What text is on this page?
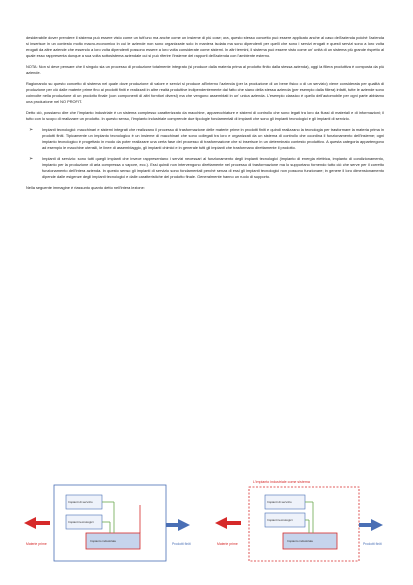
desiderabile dover prendere il sistema può essere visto come un tutt'uno ma anche come un insieme di più cose; ora, questo stesso concetto può essere applicato anche al caso dell'azienda poiché l'azienda si inserisce in un contesto molto macro-economico in cui le aziende non sono organizzate solo in maniera isolata ma sono dipendenti per quelli che sono i servizi erogati e questi servizi sono a loro volta erogati da altre aziende che essendo a loro volta dipendenti possono essere a loro volta considerate come sistemi. In altri termini, il sistema può essere visto come un' unità di un sistema più grande rispetto al quale esso rappresenta dunque a sua volta sottosistema aziendale cui si può riferire l'insieme dei rapporti dell'azienda con l'ambiente esterno.

NOTA: Non si deve pensare che il singolo sia un processo di produzione totalmente integrato (si produce dalla materia prima al prodotto finito dalla stessa azienda), oggi la filiera produttiva è composta da più aziende.

Ragionando su questo concetto di sistema nel quale dove produzione di valore e servizi si produce all'interno l'azienda (per la produzione di un bene fisico o di un servizio) viene considerata per qualità di produzione per ciò dalle materie prime fino ai prodotti finiti e realizzati in altre realtà produttive indipendentemente dal fatto che siano della stessa azienda (per esempio dalla filiera) infatti, tutte le aziende sono coinvolte nella produzione di un prodotto finale (con componenti di altri fornitori diversi) ma che vengono assemblati in un' unica azienda. L'esempio classico è quello dell'automobile per ogni parte abbiamo una produzione nel NO PROFIT.

Detto ciò, possiamo dire che l'impianto industriale è un sistema complesso caratterizzato da macchine, apparecchiature e sistemi di controllo che sono legati tra loro da flussi di materiali e di informazioni; il tutto con lo scopo di realizzare un prodotto. In questo senso, l'impianto industriale comprende due tipologie fondamentali di impianti che sono gli impianti tecnologici e gli impianti di servizio.

➢ Impianti tecnologici: macchinari e sistemi integrati che realizzano il processo di trasformazione delle materie prime in prodotti finiti e quindi realizzano la tecnologia per trasformare la materia prima in prodotti finiti. Tipicamente un impianto tecnologico è un insieme di macchinari che sono collegati tra loro e organizzati da un sistema di controllo che coordina il funzionamento dell'insieme; ogni impianto tecnologico è progettato in modo da poter realizzare una certa fase del processo di trasformazione che si inserisce in un determinato contesto produttivo. A questa categoria appartengono ad esempio le macchine utensili, le linee di assemblaggio, gli impianti chimici e in generale tutti gli impianti che trasformano direttamente il prodotto.
➢ Impianti di servizio: sono tutti quegli impianti che invece rappresentano i servizi necessari al funzionamento degli impianti tecnologici (impianto di energia elettrica, impianto di condizionamento, impianto per la produzione di aria compressa o vapore, ecc.). Essi quindi non intervengono direttamente nel processo di trasformazione ma lo supportano fornendo tutto ciò che serve per il corretto funzionamento dell'intera azienda. In questo senso gli impianti di servizio sono fondamentali perché senza di essi gli impianti tecnologici non possono funzionare; in genere il loro dimensionamento dipende dalle esigenze degli impianti tecnologici e dalle caratteristiche del prodotto finale. Generalmente hanno un ruolo di supporto.

Nella seguente immagine è riassunto quanto detto nell'intera lezione:

Materie prime
Impianti di servizio
Impianti tecnologici
Impianto industriale
Prodotti finiti
L'impianto industriale come sistema
Materie prime
Impianti di servizio
Impianti tecnologici
Impianto industriale
Prodotti finiti
